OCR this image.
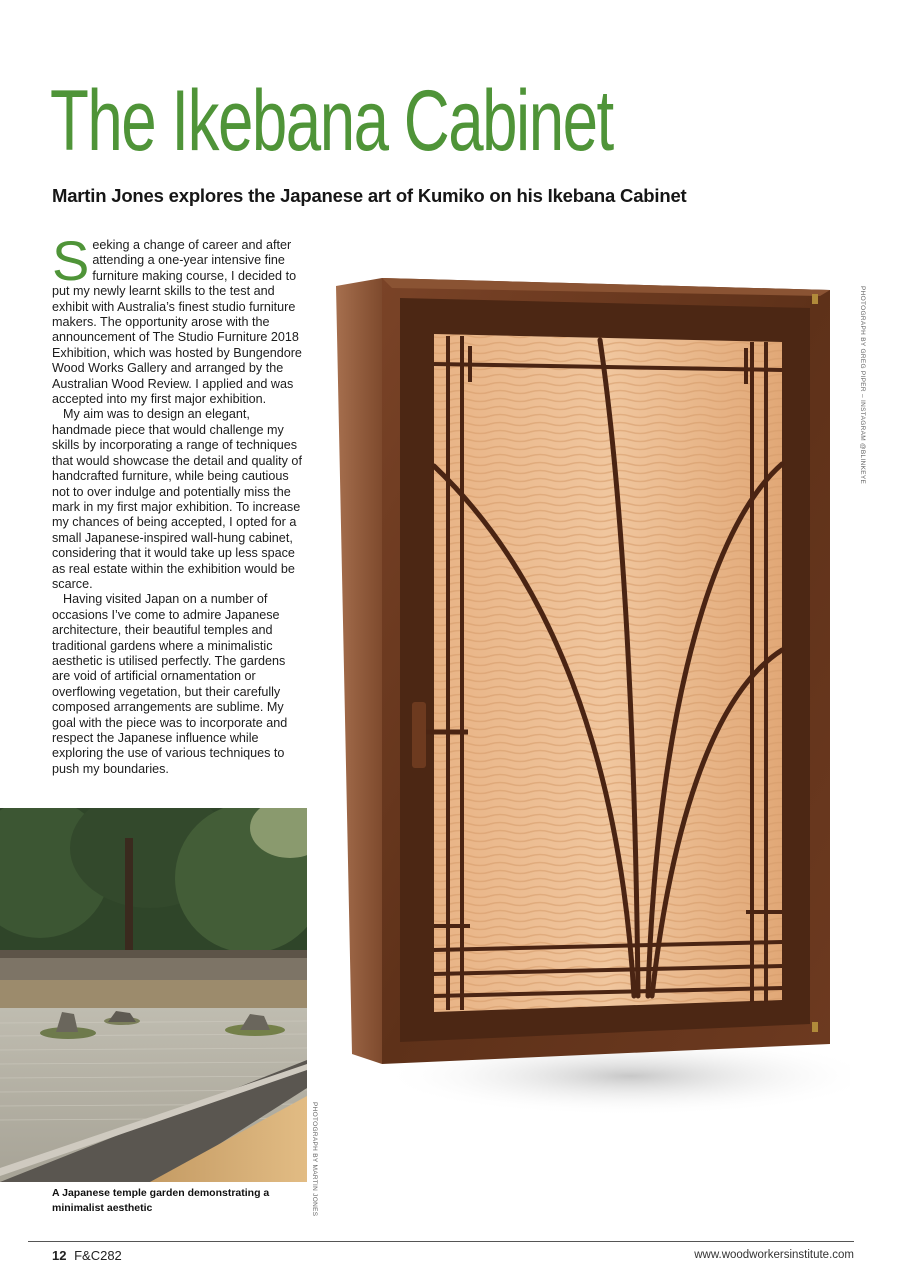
The Ikebana Cabinet
Martin Jones explores the Japanese art of Kumiko on his Ikebana Cabinet

Seeking a change of career and after attending a one-year intensive fine furniture making course, I decided to put my newly learnt skills to the test and exhibit with Australia’s finest studio furniture makers. The opportunity arose with the announcement of The Studio Furniture 2018 Exhibition, which was hosted by Bungendore Wood Works Gallery and arranged by the Australian Wood Review. I applied and was accepted into my first major exhibition.

My aim was to design an elegant, handmade piece that would challenge my skills by incorporating a range of techniques that would showcase the detail and quality of handcrafted furniture, while being cautious not to over indulge and potentially miss the mark in my first major exhibition. To increase my chances of being accepted, I opted for a small Japanese-inspired wall-hung cabinet, considering that it would take up less space as real estate within the exhibition would be scarce.

Having visited Japan on a number of occasions I’ve come to admire Japanese architecture, their beautiful temples and traditional gardens where a minimalistic aesthetic is utilised perfectly. The gardens are void of artificial ornamentation or overflowing vegetation, but their carefully composed arrangements are sublime. My goal with the piece was to incorporate and respect the Japanese influence while exploring the use of various techniques to push my boundaries.

PHOTOGRAPH BY MARTIN JONES
A Japanese temple garden demonstrating a minimalist aesthetic
PHOTOGRAPH BY GREG PIPER – INSTAGRAM @BLINKEYE
12 F&C282	www.woodworkersinstitute.com
